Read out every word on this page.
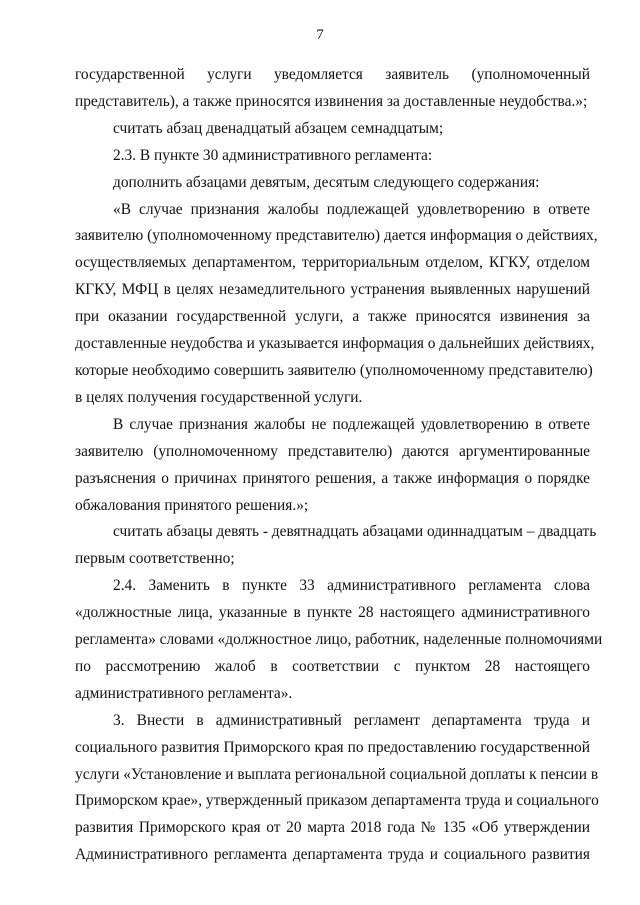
7
государственной услуги уведомляется заявитель (уполномоченный
представитель), а также приносятся извинения за доставленные неудобства.»;
считать абзац двенадцатый абзацем семнадцатым;
2.3. В пункте 30 административного регламента:
дополнить абзацами девятым, десятым следующего содержания:
«В случае признания жалобы подлежащей удовлетворению в ответе
заявителю (уполномоченному представителю) дается информация о действиях,
осуществляемых департаментом, территориальным отделом, КГКУ, отделом
КГКУ, МФЦ в целях незамедлительного устранения выявленных нарушений
при оказании государственной услуги, а также приносятся извинения за
доставленные неудобства и указывается информация о дальнейших действиях,
которые необходимо совершить заявителю (уполномоченному представителю)
в целях получения государственной услуги.
В случае признания жалобы не подлежащей удовлетворению в ответе
заявителю (уполномоченному представителю) даются аргументированные
разъяснения о причинах принятого решения, а также информация о порядке
обжалования принятого решения.»;
считать абзацы девять - девятнадцать абзацами одиннадцатым – двадцать
первым соответственно;
2.4. Заменить в пункте 33 административного регламента слова
«должностные лица, указанные в пункте 28 настоящего административного
регламента» словами «должностное лицо, работник, наделенные полномочиями
по рассмотрению жалоб в соответствии с пунктом 28 настоящего
административного регламента».
3. Внести в административный регламент департамента труда и
социального развития Приморского края по предоставлению государственной
услуги «Установление и выплата региональной социальной доплаты к пенсии в
Приморском крае», утвержденный приказом департамента труда и социального
развития Приморского края от 20 марта 2018 года № 135 «Об утверждении
Административного регламента департамента труда и социального развития
